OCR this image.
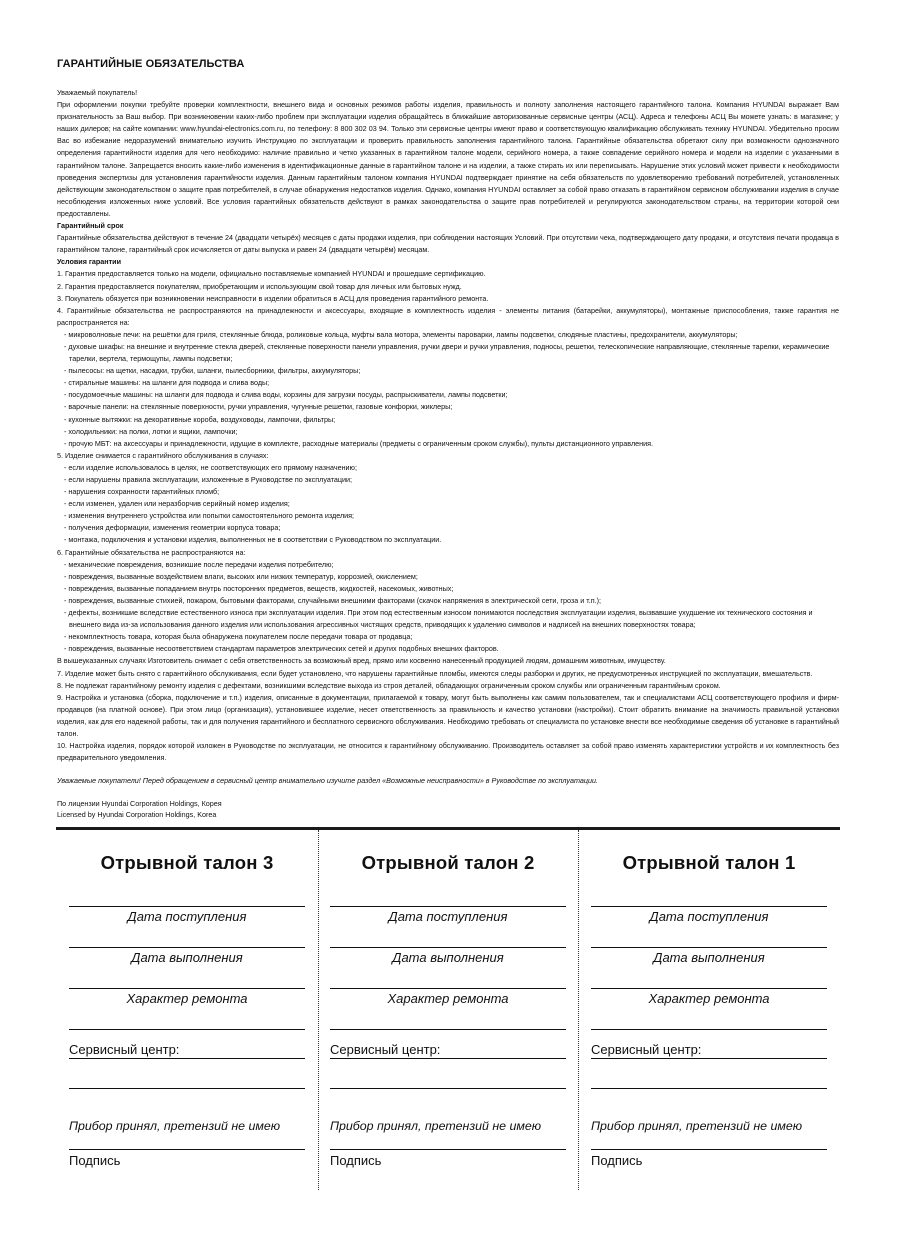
ГАРАНТИЙНЫЕ ОБЯЗАТЕЛЬСТВА

Уважаемый покупатель!

При оформлении покупки требуйте проверки комплектности, внешнего вида и основных режимов работы изделия, правильность и полноту заполнения настоящего гарантийного талона. Компания HYUNDAI выражает Вам признательность за Ваш выбор. При возникновении каких-либо проблем при эксплуатации изделия обращайтесь в ближайшие авторизованные сервисные центры (АСЦ). Адреса и телефоны АСЦ Вы можете узнать: в магазине; у наших дилеров; на сайте компании: www.hyundai-electronics.com.ru, по телефону: 8 800 302 03 94. Только эти сервисные центры имеют право и соответствующую квалификацию обслуживать технику HYUNDAI. Убедительно просим Вас во избежание недоразумений внимательно изучить Инструкцию по эксплуатации и проверить правильность заполнения гарантийного талона. Гарантийные обязательства обретают силу при возможности однозначного определения гарантийности изделия для чего необходимо: наличие правильно и четко указанных в гарантийном талоне модели, серийного номера, а также совпадение серийного номера и модели на изделии с указанными в гарантийном талоне. Запрещается вносить какие-либо изменения в идентификационные данные в гарантийном талоне и на изделии, а также стирать их или переписывать. Нарушение этих условий может привести к необходимости проведения экспертизы для установления гарантийности изделия. Данным гарантийным талоном компания HYUNDAI подтверждает принятие на себя обязательств по удовлетворению требований потребителей, установленных действующим законодательством о защите прав потребителей, в случае обнаружения недостатков изделия. Однако, компания HYUNDAI оставляет за собой право отказать в гарантийном сервисном обслуживании изделия в случае несоблюдения изложенных ниже условий. Все условия гарантийных обязательств действуют в рамках законодательства о защите прав потребителей и регулируются законодательством страны, на территории которой они предоставлены.

Гарантийный срок

Гарантийные обязательства действуют в течение 24 (двадцати четырёх) месяцев с даты продажи изделия, при соблюдении настоящих Условий. При отсутствии чека, подтверждающего дату продажи, и отсутствия печати продавца в гарантийном талоне, гарантийный срок исчисляется от даты выпуска и равен 24 (двадцати четырём) месяцам.

Условия гарантии

1. Гарантия предоставляется только на модели, официально поставляемые компанией HYUNDAI и прошедшие сертификацию.

2. Гарантия предоставляется покупателям, приобретающим и использующим свой товар для личных или бытовых нужд.

3. Покупатель обязуется при возникновении неисправности в изделии обратиться в АСЦ для проведения гарантийного ремонта.

4. Гарантийные обязательства не распространяются на принадлежности и аксессуары, входящие в комплектность изделия - элементы питания (батарейки, аккумуляторы), монтажные приспособления, также гарантия не распространяется на:

- микроволновые печи: на решётки для гриля, стеклянные блюда, роликовые кольца, муфты вала мотора, элементы пароварки, лампы подсветки, слюдяные пластины, предохранители, аккумуляторы;
- духовые шкафы: на внешние и внутренние стекла дверей, стеклянные поверхности панели управления, ручки двери и ручки управления, подносы, решетки, телескопические направляющие, стеклянные тарелки, керамические тарелки, вертела, термощупы, лампы подсветки;
- пылесосы: на щетки, насадки, трубки, шланги, пылесборники, фильтры, аккумуляторы;
- стиральные машины: на шланги для подвода и слива воды;
- посудомоечные машины: на шланги для подвода и слива воды, корзины для загрузки посуды, распрыскиватели, лампы подсветки;
- варочные панели: на стеклянные поверхности, ручки управления, чугунные решетки, газовые конфорки, жиклеры;
- кухонные вытяжки: на декоративные короба, воздуховоды, лампочки, фильтры;
- холодильники: на полки, лотки и ящики, лампочки;
- прочую МБТ: на аксессуары и принадлежности, идущие в комплекте, расходные материалы (предметы с ограниченным сроком службы), пульты дистанционного управления.

5. Изделие снимается с гарантийного обслуживания в случаях:

- если изделие использовалось в целях, не соответствующих его прямому назначению;
- если нарушены правила эксплуатации, изложенные в Руководстве по эксплуатации;
- нарушения сохранности гарантийных пломб;
- если изменен, удален или неразборчив серийный номер изделия;
- изменения внутреннего устройства или попытки самостоятельного ремонта изделия;
- получения деформации, изменения геометрии корпуса товара;
- монтажа, подключения и установки изделия, выполненных не в соответствии с Руководством по эксплуатации.

6. Гарантийные обязательства не распространяются на:

- механические повреждения, возникшие после передачи изделия потребителю;
- повреждения, вызванные воздействием влаги, высоких или низких температур, коррозией, окислением;
- повреждения, вызванные попаданием внутрь посторонних предметов, веществ, жидкостей, насекомых, животных;
- повреждения, вызванные стихией, пожаром, бытовыми факторами, случайными внешними факторами (скачок напряжения в электрической сети, гроза и т.п.);
- дефекты, возникшие вследствие естественного износа при эксплуатации изделия. При этом под естественным износом понимаются последствия эксплуатации изделия, вызвавшие ухудшение их технического состояния и внешнего вида из-за использования данного изделия или использования агрессивных чистящих средств, приводящих к удалению символов и надписей на внешних поверхностях товара;
- некомплектность товара, которая была обнаружена покупателем после передачи товара от продавца;
- повреждения, вызванные несоответствием стандартам параметров электрических сетей и других подобных внешних факторов.

В вышеуказанных случаях Изготовитель снимает с себя ответственность за возможный вред, прямо или косвенно нанесенный продукцией людям, домашним животным, имуществу.

7. Изделие может быть снято с гарантийного обслуживания, если будет установлено, что нарушены гарантийные пломбы, имеются следы разборки и других, не предусмотренных инструкцией по эксплуатации, вмешательств.

8. Не подлежат гарантийному ремонту изделия с дефектами, возникшими вследствие выхода из строя деталей, обладающих ограниченным сроком службы или ограниченным гарантийным сроком.

9. Настройка и установка (сборка, подключение и т.п.) изделия, описанные в документации, прилагаемой к товару, могут быть выполнены как самим пользователем, так и специалистами АСЦ соответствующего профиля и фирм-продавцов (на платной основе). При этом лицо (организация), установившее изделие, несет ответственность за правильность и качество установки (настройки). Стоит обратить внимание на значимость правильной установки изделия, как для его надежной работы, так и для получения гарантийного и бесплатного сервисного обслуживания. Необходимо требовать от специалиста по установке внести все необходимые сведения об установке в гарантийный талон.

10. Настройка изделия, порядок которой изложен в Руководстве по эксплуатации, не относится к гарантийному обслуживанию. Производитель оставляет за собой право изменять характеристики устройств и их комплектность без предварительного уведомления.

Уважаемые покупатели! Перед обращением в сервисный центр внимательно изучите раздел «Возможные неисправности» в Руководстве по эксплуатации.
По лицензии Hyundai Corporation Holdings, Корея
Licensed by Hyundai Corporation Holdings, Korea
Отрывной талон 3
Дата поступления
Дата выполнения
Характер ремонта
Сервисный центр:
Прибор принял, претензий не имею
Подпись
Отрывной талон 2
Дата поступления
Дата выполнения
Характер ремонта
Сервисный центр:
Прибор принял, претензий не имею
Подпись
Отрывной талон 1
Дата поступления
Дата выполнения
Характер ремонта
Сервисный центр:
Прибор принял, претензий не имею
Подпись
